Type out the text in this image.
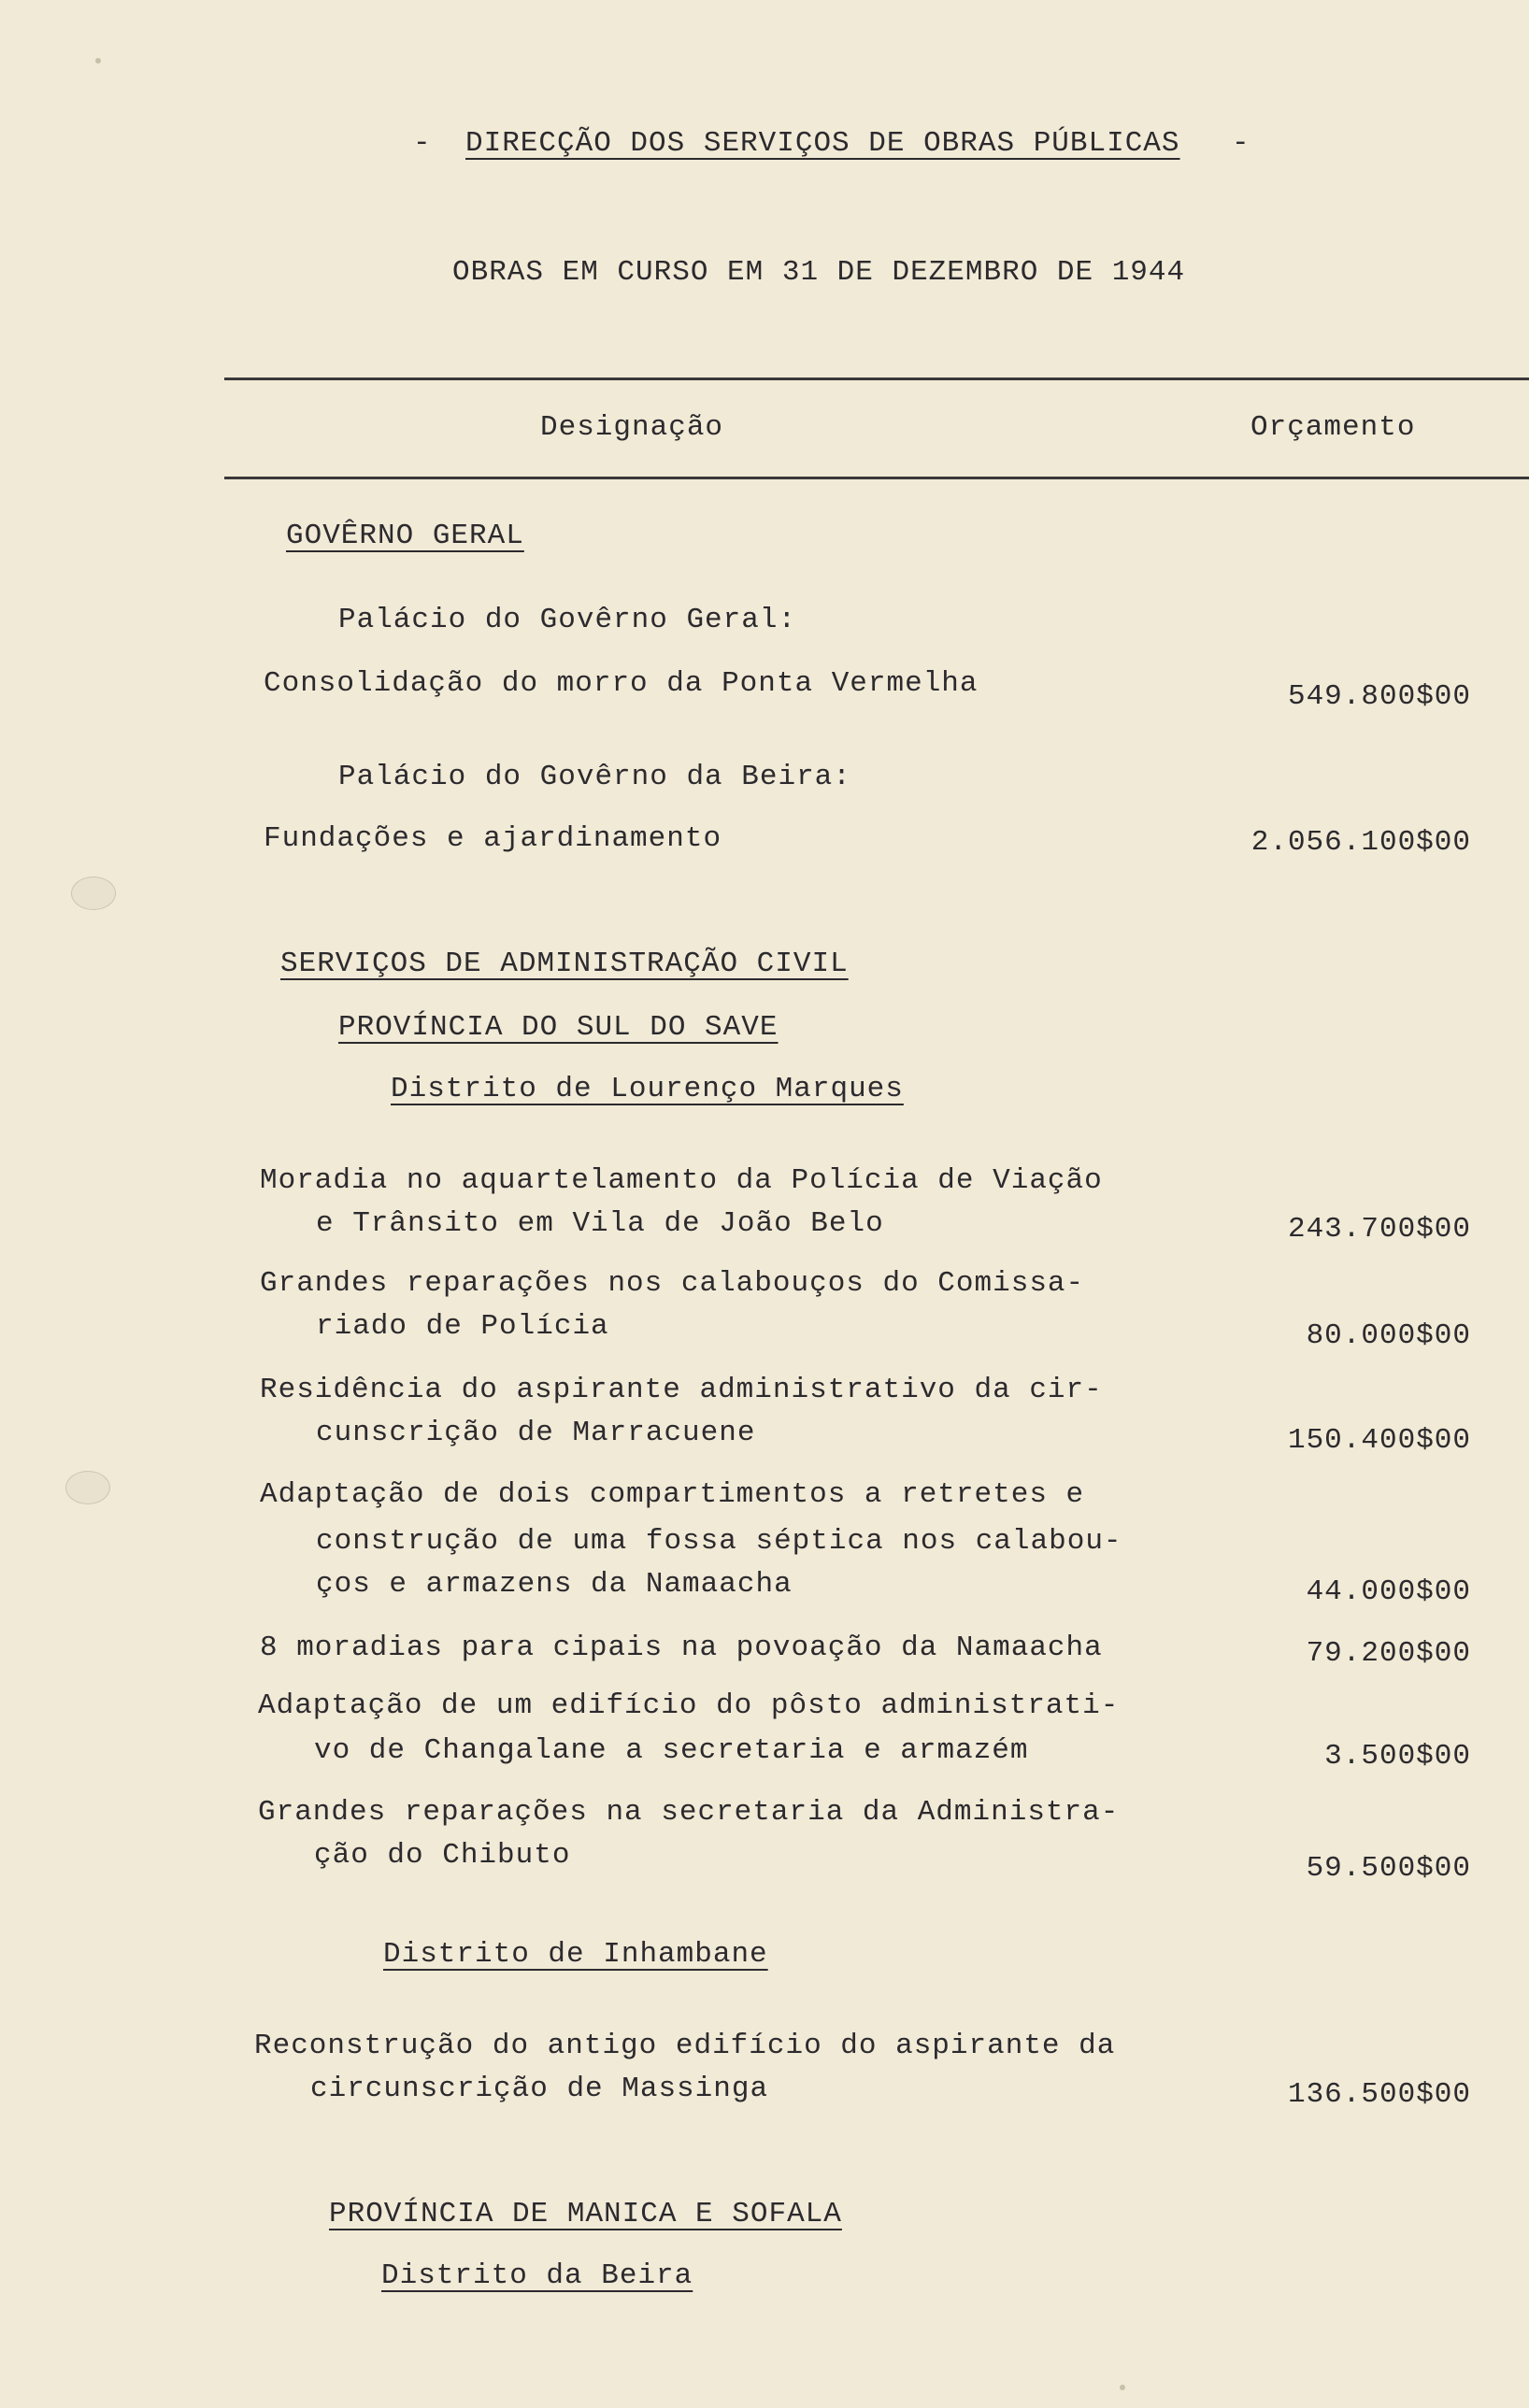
-	DIRECÇÃO DOS SERVIÇOS DE OBRAS PÚBLICAS	-
OBRAS EM CURSO EM 31 DE DEZEMBRO DE 1944
Designação	Orçamento
GOVÊRNO GERAL
Palácio do Govêrno Geral:
Consolidação do morro da Ponta Vermelha	549.800$00
Palácio do Govêrno da Beira:
Fundações e ajardinamento	2.056.100$00
SERVIÇOS DE ADMINISTRAÇÃO CIVIL
PROVÍNCIA DO SUL DO SAVE
Distrito de Lourenço Marques
Moradia no aquartelamento da Polícia de Viação
e Trânsito em Vila de João Belo	243.700$00
Grandes reparações nos calabouços do Comissa-
riado de Polícia	80.000$00
Residência do aspirante administrativo da cir-
cunscrição de Marracuene	150.400$00
Adaptação de dois compartimentos a retretes e
construção de uma fossa séptica nos calabou-
ços e armazens da Namaacha	44.000$00
8 moradias para cipais na povoação da Namaacha	79.200$00
Adaptação de um edifício do pôsto administrati-
vo de Changalane a secretaria e armazém	3.500$00
Grandes reparações na secretaria da Administra-
ção do Chibuto	59.500$00
Distrito de Inhambane
Reconstrução do antigo edifício do aspirante da
circunscrição de Massinga	136.500$00
PROVÍNCIA DE MANICA E SOFALA
Distrito da Beira
